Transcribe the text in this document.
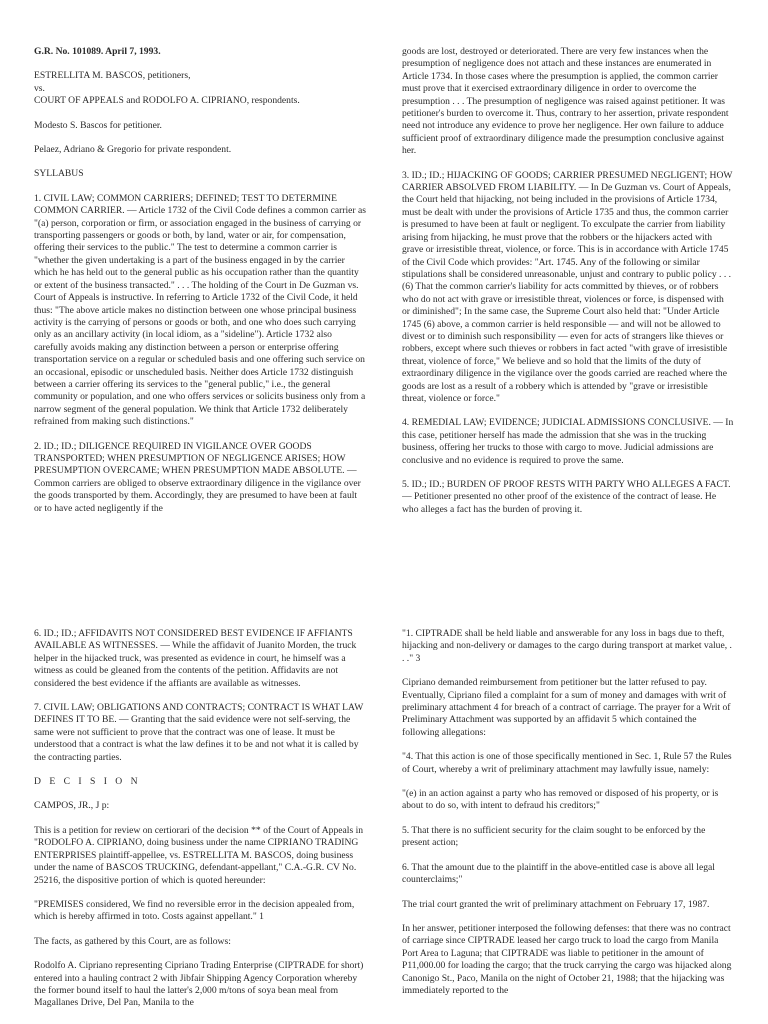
G.R. No. 101089. April 7, 1993.

ESTRELLITA M. BASCOS, petitioners,

vs.

COURT OF APPEALS and RODOLFO A. CIPRIANO, respondents.

Modesto S. Bascos for petitioner.

Pelaez, Adriano & Gregorio for private respondent.

SYLLABUS

1. CIVIL LAW; COMMON CARRIERS; DEFINED; TEST TO DETERMINE COMMON CARRIER. — Article 1732 of the Civil Code defines a common carrier as "(a) person, corporation or firm, or association engaged in the business of carrying or transporting passengers or goods or both, by land, water or air, for compensation, offering their services to the public." The test to determine a common carrier is "whether the given undertaking is a part of the business engaged in by the carrier which he has held out to the general public as his occupation rather than the quantity or extent of the business transacted." . . . The holding of the Court in De Guzman vs. Court of Appeals is instructive. In referring to Article 1732 of the Civil Code, it held thus: "The above article makes no distinction between one whose principal business activity is the carrying of persons or goods or both, and one who does such carrying only as an ancillary activity (in local idiom, as a "sideline"). Article 1732 also carefully avoids making any distinction between a person or enterprise offering transportation service on a regular or scheduled basis and one offering such service on an occasional, episodic or unscheduled basis. Neither does Article 1732 distinguish between a carrier offering its services to the "general public," i.e., the general community or population, and one who offers services or solicits business only from a narrow segment of the general population. We think that Article 1732 deliberately refrained from making such distinctions."

2. ID.; ID.; DILIGENCE REQUIRED IN VIGILANCE OVER GOODS TRANSPORTED; WHEN PRESUMPTION OF NEGLIGENCE ARISES; HOW PRESUMPTION OVERCAME; WHEN PRESUMPTION MADE ABSOLUTE. — Common carriers are obliged to observe extraordinary diligence in the vigilance over the goods transported by them. Accordingly, they are presumed to have been at fault or to have acted negligently if the

goods are lost, destroyed or deteriorated. There are very few instances when the presumption of negligence does not attach and these instances are enumerated in Article 1734. In those cases where the presumption is applied, the common carrier must prove that it exercised extraordinary diligence in order to overcome the presumption . . . The presumption of negligence was raised against petitioner. It was petitioner's burden to overcome it. Thus, contrary to her assertion, private respondent need not introduce any evidence to prove her negligence. Her own failure to adduce sufficient proof of extraordinary diligence made the presumption conclusive against her.

3. ID.; ID.; HIJACKING OF GOODS; CARRIER PRESUMED NEGLIGENT; HOW CARRIER ABSOLVED FROM LIABILITY. — In De Guzman vs. Court of Appeals, the Court held that hijacking, not being included in the provisions of Article 1734, must be dealt with under the provisions of Article 1735 and thus, the common carrier is presumed to have been at fault or negligent. To exculpate the carrier from liability arising from hijacking, he must prove that the robbers or the hijackers acted with grave or irresistible threat, violence, or force. This is in accordance with Article 1745 of the Civil Code which provides: "Art. 1745. Any of the following or similar stipulations shall be considered unreasonable, unjust and contrary to public policy . . . (6) That the common carrier's liability for acts committed by thieves, or of robbers who do not act with grave or irresistible threat, violences or force, is dispensed with or diminished"; In the same case, the Supreme Court also held that: "Under Article 1745 (6) above, a common carrier is held responsible — and will not be allowed to divest or to diminish such responsibility — even for acts of strangers like thieves or robbers, except where such thieves or robbers in fact acted "with grave of irresistible threat, violence of force," We believe and so hold that the limits of the duty of extraordinary diligence in the vigilance over the goods carried are reached where the goods are lost as a result of a robbery which is attended by "grave or irresistible threat, violence or force."

4. REMEDIAL LAW; EVIDENCE; JUDICIAL ADMISSIONS CONCLUSIVE. — In this case, petitioner herself has made the admission that she was in the trucking business, offering her trucks to those with cargo to move. Judicial admissions are conclusive and no evidence is required to prove the same.

5. ID.; ID.; BURDEN OF PROOF RESTS WITH PARTY WHO ALLEGES A FACT. — Petitioner presented no other proof of the existence of the contract of lease. He who alleges a fact has the burden of proving it.

6. ID.; ID.; AFFIDAVITS NOT CONSIDERED BEST EVIDENCE IF AFFIANTS AVAILABLE AS WITNESSES. — While the affidavit of Juanito Morden, the truck helper in the hijacked truck, was presented as evidence in court, he himself was a witness as could be gleaned from the contents of the petition. Affidavits are not considered the best evidence if the affiants are available as witnesses.

7. CIVIL LAW; OBLIGATIONS AND CONTRACTS; CONTRACT IS WHAT LAW DEFINES IT TO BE. — Granting that the said evidence were not self-serving, the same were not sufficient to prove that the contract was one of lease. It must be understood that a contract is what the law defines it to be and not what it is called by the contracting parties.

D E C I S I O N

CAMPOS, JR., J p:

This is a petition for review on certiorari of the decision ** of the Court of Appeals in "RODOLFO A. CIPRIANO, doing business under the name CIPRIANO TRADING ENTERPRISES plaintiff-appellee, vs. ESTRELLITA M. BASCOS, doing business under the name of BASCOS TRUCKING, defendant-appellant," C.A.-G.R. CV No. 25216, the dispositive portion of which is quoted hereunder:

"PREMISES considered, We find no reversible error in the decision appealed from, which is hereby affirmed in toto. Costs against appellant." 1

The facts, as gathered by this Court, are as follows:

Rodolfo A. Cipriano representing Cipriano Trading Enterprise (CIPTRADE for short) entered into a hauling contract 2 with Jibfair Shipping Agency Corporation whereby the former bound itself to haul the latter's 2,000 m/tons of soya bean meal from Magallanes Drive, Del Pan, Manila to the

"1. CIPTRADE shall be held liable and answerable for any loss in bags due to theft, hijacking and non-delivery or damages to the cargo during transport at market value, . . ." 3

Cipriano demanded reimbursement from petitioner but the latter refused to pay. Eventually, Cipriano filed a complaint for a sum of money and damages with writ of preliminary attachment 4 for breach of a contract of carriage. The prayer for a Writ of Preliminary Attachment was supported by an affidavit 5 which contained the following allegations:

"4. That this action is one of those specifically mentioned in Sec. 1, Rule 57 the Rules of Court, whereby a writ of preliminary attachment may lawfully issue, namely:

"(e) in an action against a party who has removed or disposed of his property, or is about to do so, with intent to defraud his creditors;"

5. That there is no sufficient security for the claim sought to be enforced by the present action;

6. That the amount due to the plaintiff in the above-entitled case is above all legal counterclaims;"

The trial court granted the writ of preliminary attachment on February 17, 1987.

In her answer, petitioner interposed the following defenses: that there was no contract of carriage since CIPTRADE leased her cargo truck to load the cargo from Manila Port Area to Laguna; that CIPTRADE was liable to petitioner in the amount of P11,000.00 for loading the cargo; that the truck carrying the cargo was hijacked along Canonigo St., Paco, Manila on the night of October 21, 1988; that the hijacking was immediately reported to the
